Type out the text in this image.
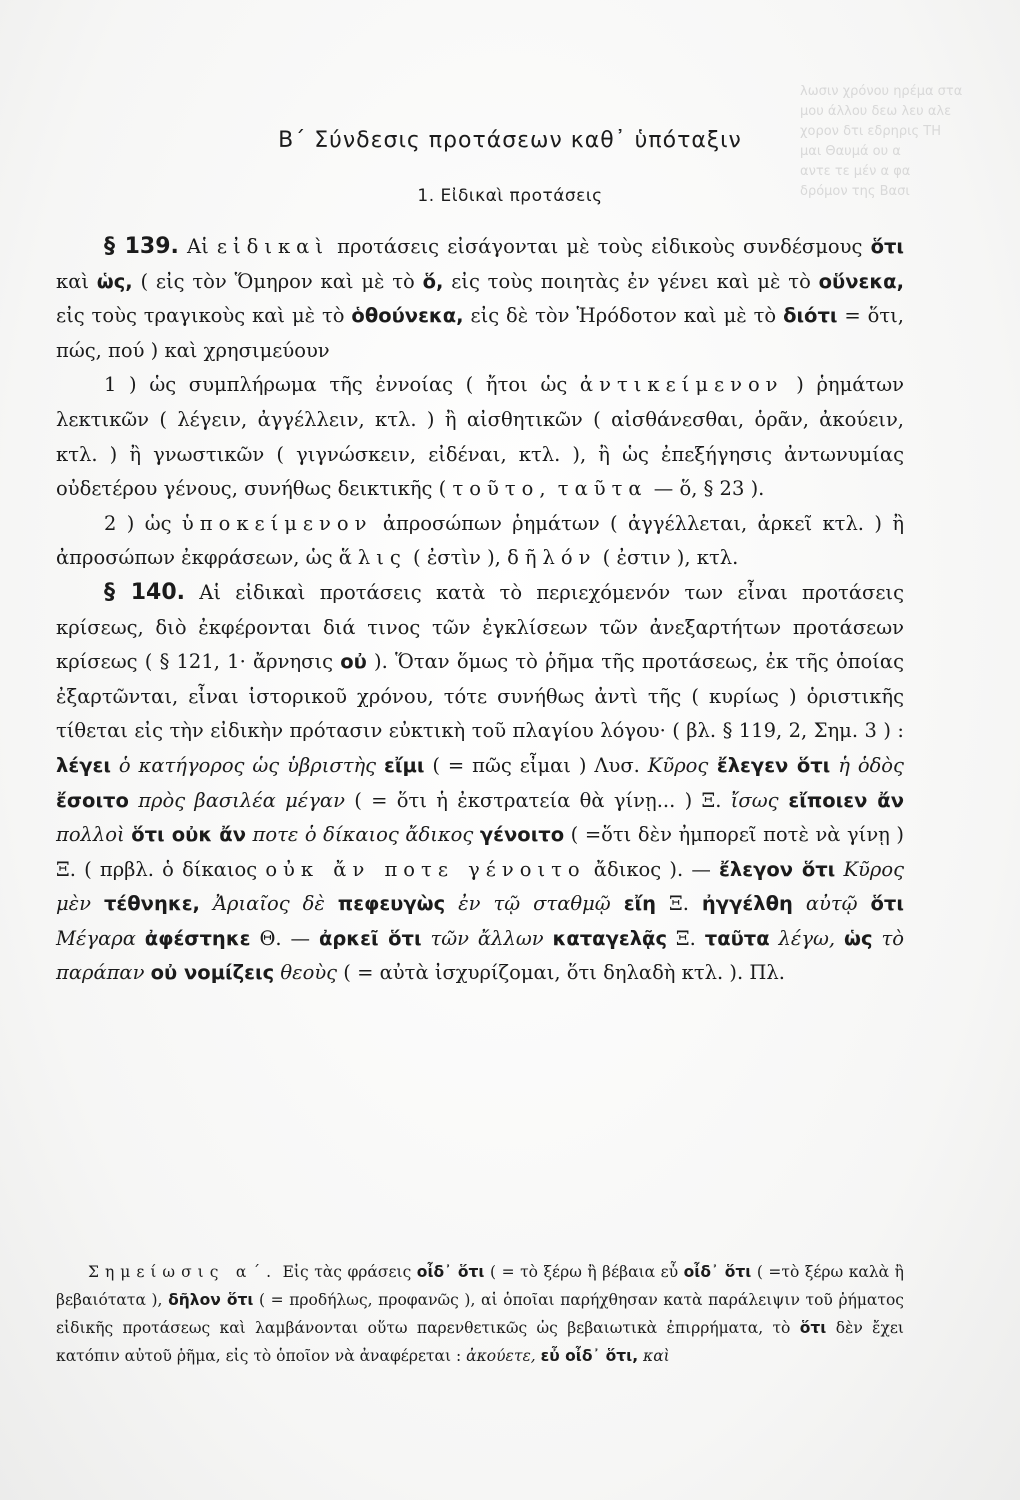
λωσιν χρόνου ηρέμα στα
μου άλλου δεω λευ αλε
χορον δτι εδρηρις ΤΗ
μαι Θαυμά ου α
αντε τε μέν α φα
δρόμον της Βασι
Β΄ Σύνδεσις προτάσεων καθ᾿ ὑπόταξιν
1. Εἰδικαὶ προτάσεις

§ 139. Αἱ εἰδικαὶ προτάσεις εἰσάγονται μὲ τοὺς εἰδικοὺς συνδέσμους ὅτι καὶ ὡς, ( εἰς τὸν Ὅμηρον καὶ μὲ τὸ ὅ, εἰς τοὺς ποιητὰς ἐν γένει καὶ μὲ τὸ οὕνεκα, εἰς τοὺς τραγικοὺς καὶ μὲ τὸ ὁθούνεκα, εἰς δὲ τὸν Ἡρόδοτον καὶ μὲ τὸ διότι = ὅτι, πώς, πού ) καὶ χρησιμεύουν

1 ) ὡς συμπλήρωμα τῆς ἐννοίας ( ἤτοι ὡς ἀντικείμενον ) ῥημάτων λεκτικῶν ( λέγειν, ἀγγέλλειν, κτλ. ) ἢ αἰσθητικῶν ( αἰσθάνεσθαι, ὁρᾶν, ἀκούειν, κτλ. ) ἢ γνωστικῶν ( γιγνώσκειν, εἰδέναι, κτλ. ), ἢ ὡς ἐπεξήγησις ἀντωνυμίας οὐδετέρου γένους, συνήθως δεικτικῆς ( τοῦτο, ταῦτα — ὅ, § 23 ).

2 ) ὡς ὑποκείμενον ἀπροσώπων ῥημάτων ( ἀγγέλλεται, ἀρκεῖ κτλ. ) ἢ ἀπροσώπων ἐκφράσεων, ὡς ἅλις ( ἐστὶν ), δῆλόν ( ἐστιν ), κτλ.

§ 140. Αἱ εἰδικαὶ προτάσεις κατὰ τὸ περιεχόμενόν των εἶναι προτάσεις κρίσεως, διὸ ἐκφέρονται διά τινος τῶν ἐγκλίσεων τῶν ἀνεξαρτήτων προτάσεων κρίσεως ( § 121, 1· ἄρνησις οὐ ). Ὅταν ὅμως τὸ ῥῆμα τῆς προτάσεως, ἐκ τῆς ὁποίας ἐξαρτῶνται, εἶναι ἱστορικοῦ χρόνου, τότε συνήθως ἀντὶ τῆς ( κυρίως ) ὁριστικῆς τίθεται εἰς τὴν εἰδικὴν πρότασιν εὐκτικὴ τοῦ πλαγίου λόγου· ( βλ. § 119, 2, Σημ. 3 ) : λέγει ὁ κατήγορος ὡς ὑβριστὴς εἴμι ( = πῶς εἶμαι ) Λυσ. Κῦρος ἔλεγεν ὅτι ἡ ὁδὸς ἔσοιτο πρὸς βασιλέα μέγαν ( = ὅτι ἡ ἐκστρατεία θὰ γίνῃ... ) Ξ. ἴσως εἴποιεν ἄν πολλοὶ ὅτι οὐκ ἄν ποτε ὁ δίκαιος ἄδικος γένοιτο ( =ὅτι δὲν ἠμπορεῖ ποτὲ νὰ γίνῃ ) Ξ. ( πρβλ. ὁ δίκαιος οὐκ ἄν ποτε γένοιτο ἄδικος ). — ἔλεγον ὅτι Κῦρος μὲν τέθνηκε, Ἀριαῖος δὲ πεφευγὼς ἐν τῷ σταθμῷ εἴη Ξ. ἠγγέλθη αὐτῷ ὅτι Μέγαρα ἀφέστηκε Θ. — ἀρκεῖ ὅτι τῶν ἄλλων καταγελᾷς Ξ. ταῦτα λέγω, ὡς τὸ παράπαν οὐ νομίζεις θεοὺς ( = αὐτὰ ἰσχυρίζομαι, ὅτι δηλαδὴ κτλ. ). Πλ.

Σημείωσις α΄. Εἰς τὰς φράσεις οἶδ᾿ ὅτι ( = τὸ ξέρω ἢ βέβαια εὖ οἶδ᾿ ὅτι ( =τὸ ξέρω καλὰ ἢ βεβαιότατα ), δῆλον ὅτι ( = προδήλως, προφανῶς ), αἱ ὁποῖαι παρήχθησαν κατὰ παράλειψιν τοῦ ῥήματος εἰδικῆς προτάσεως καὶ λαμβάνονται οὕτω παρενθετικῶς ὡς βεβαιωτικὰ ἐπιρρήματα, τὸ ὅτι δὲν ἔχει κατόπιν αὐτοῦ ῥῆμα, εἰς τὸ ὁποῖον νὰ ἀναφέρεται : ἀκούετε, εὖ οἶδ᾿ ὅτι, καὶ
